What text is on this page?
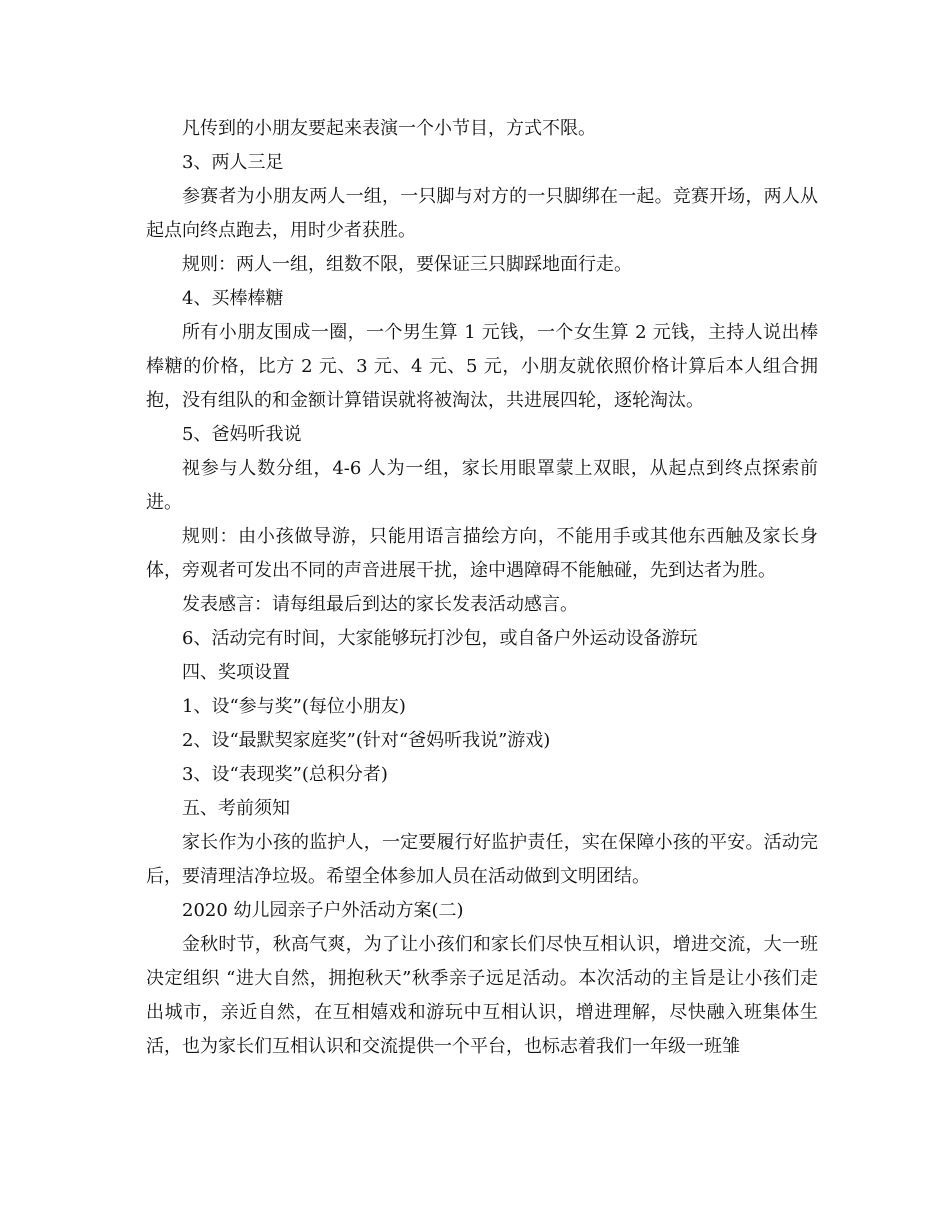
凡传到的小朋友要起来表演一个小节目，方式不限。

3、两人三足

参赛者为小朋友两人一组，一只脚与对方的一只脚绑在一起。竞赛开场，两人从起点向终点跑去，用时少者获胜。

规则：两人一组，组数不限，要保证三只脚踩地面行走。

4、买棒棒糖

所有小朋友围成一圈，一个男生算 1 元钱，一个女生算 2 元钱，主持人说出棒棒糖的价格，比方 2 元、3 元、4 元、5 元，小朋友就依照价格计算后本人组合拥抱，没有组队的和金额计算错误就将被淘汰，共进展四轮，逐轮淘汰。

5、爸妈听我说

视参与人数分组，4-6 人为一组，家长用眼罩蒙上双眼，从起点到终点探索前进。

规则：由小孩做导游，只能用语言描绘方向，不能用手或其他东西触及家长身体，旁观者可发出不同的声音进展干扰，途中遇障碍不能触碰，先到达者为胜。

发表感言：请每组最后到达的家长发表活动感言。

6、活动完有时间，大家能够玩打沙包，或自备户外运动设备游玩

四、奖项设置

1、设“参与奖”(每位小朋友)

2、设“最默契家庭奖”(针对“爸妈听我说”游戏)

3、设“表现奖”(总积分者)

五、考前须知

家长作为小孩的监护人，一定要履行好监护责任，实在保障小孩的平安。活动完后，要清理洁净垃圾。希望全体参加人员在活动做到文明团结。

2020 幼儿园亲子户外活动方案(二)

金秋时节，秋高气爽，为了让小孩们和家长们尽快互相认识，增进交流，大一班决定组织 “进大自然，拥抱秋天”秋季亲子远足活动。本次活动的主旨是让小孩们走出城市，亲近自然，在互相嬉戏和游玩中互相认识，增进理解，尽快融入班集体生活，也为家长们互相认识和交流提供一个平台，也标志着我们一年级一班雏
